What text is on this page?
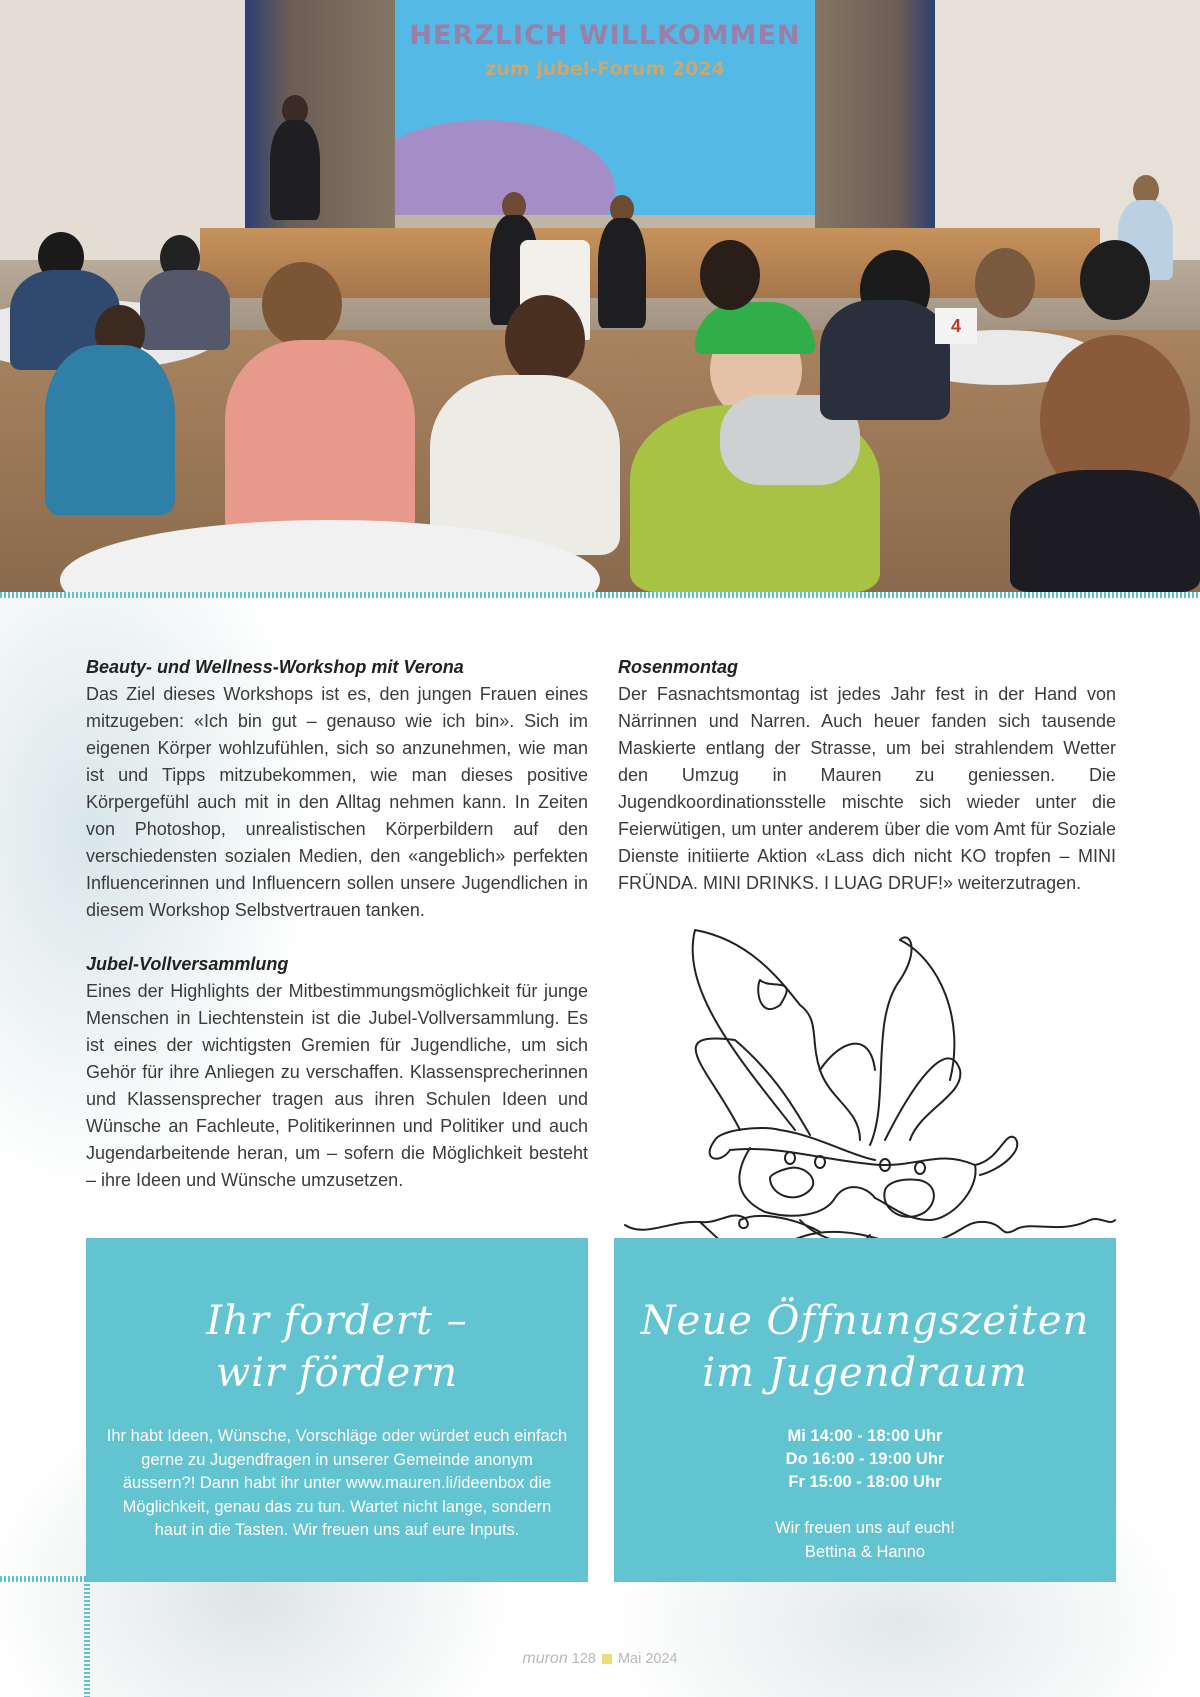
HERZLICH WILLKOMMEN
zum jubel-Forum 2024
4
Beauty- und Wellness-Workshop mit Verona

Das Ziel dieses Workshops ist es, den jungen Frauen eines mitzugeben: «Ich bin gut – genauso wie ich bin». Sich im eigenen Körper wohlzufühlen, sich so anzunehmen, wie man ist und Tipps mitzubekommen, wie man dieses positive Körpergefühl auch mit in den Alltag nehmen kann. In Zeiten von Photoshop, unrealistischen Körperbildern auf den verschiedensten sozialen Medien, den «angeblich» perfekten Influencerinnen und Influencern sollen unsere Jugendlichen in diesem Workshop Selbstvertrauen tanken.

Jubel-Vollversammlung

Eines der Highlights der Mitbestimmungsmöglichkeit für junge Menschen in Liechtenstein ist die Jubel-Vollversammlung. Es ist eines der wichtigsten Gremien für Jugendliche, um sich Gehör für ihre Anliegen zu verschaffen. Klassensprecherinnen und Klassensprecher tragen aus ihren Schulen Ideen und Wünsche an Fachleute, Politikerinnen und Politiker und auch Jugendarbeitende heran, um – sofern die Möglichkeit besteht – ihre Ideen und Wünsche umzusetzen.

Rosenmontag

Der Fasnachtsmontag ist jedes Jahr fest in der Hand von Närrinnen und Narren. Auch heuer fanden sich tausende Maskierte entlang der Strasse, um bei strahlendem Wetter den Umzug in Mauren zu geniessen. Die Jugendkoordinationsstelle mischte sich wieder unter die Feierwütigen, um unter anderem über die vom Amt für Soziale Dienste initiierte Aktion «Lass dich nicht KO tropfen – MINI FRÜNDA. MINI DRINKS. I LUAG DRUF!» weiterzutragen.

Ihr fordert –
wir fördern
Ihr habt Ideen, Wünsche, Vorschläge oder würdet euch einfach gerne zu Jugendfragen in unserer Gemeinde anonym äussern?! Dann habt ihr unter www.mauren.li/ideenbox die Möglichkeit, genau das zu tun. Wartet nicht lange, sondern haut in die Tasten. Wir freuen uns auf eure Inputs.
Neue Öffnungszeiten
im Jugendraum
Mi 14:00 - 18:00 Uhr
Do 16:00 - 19:00 Uhr
Fr 15:00 - 18:00 Uhr
Wir freuen uns auf euch!
Bettina & Hanno
muron 128 Mai 2024
